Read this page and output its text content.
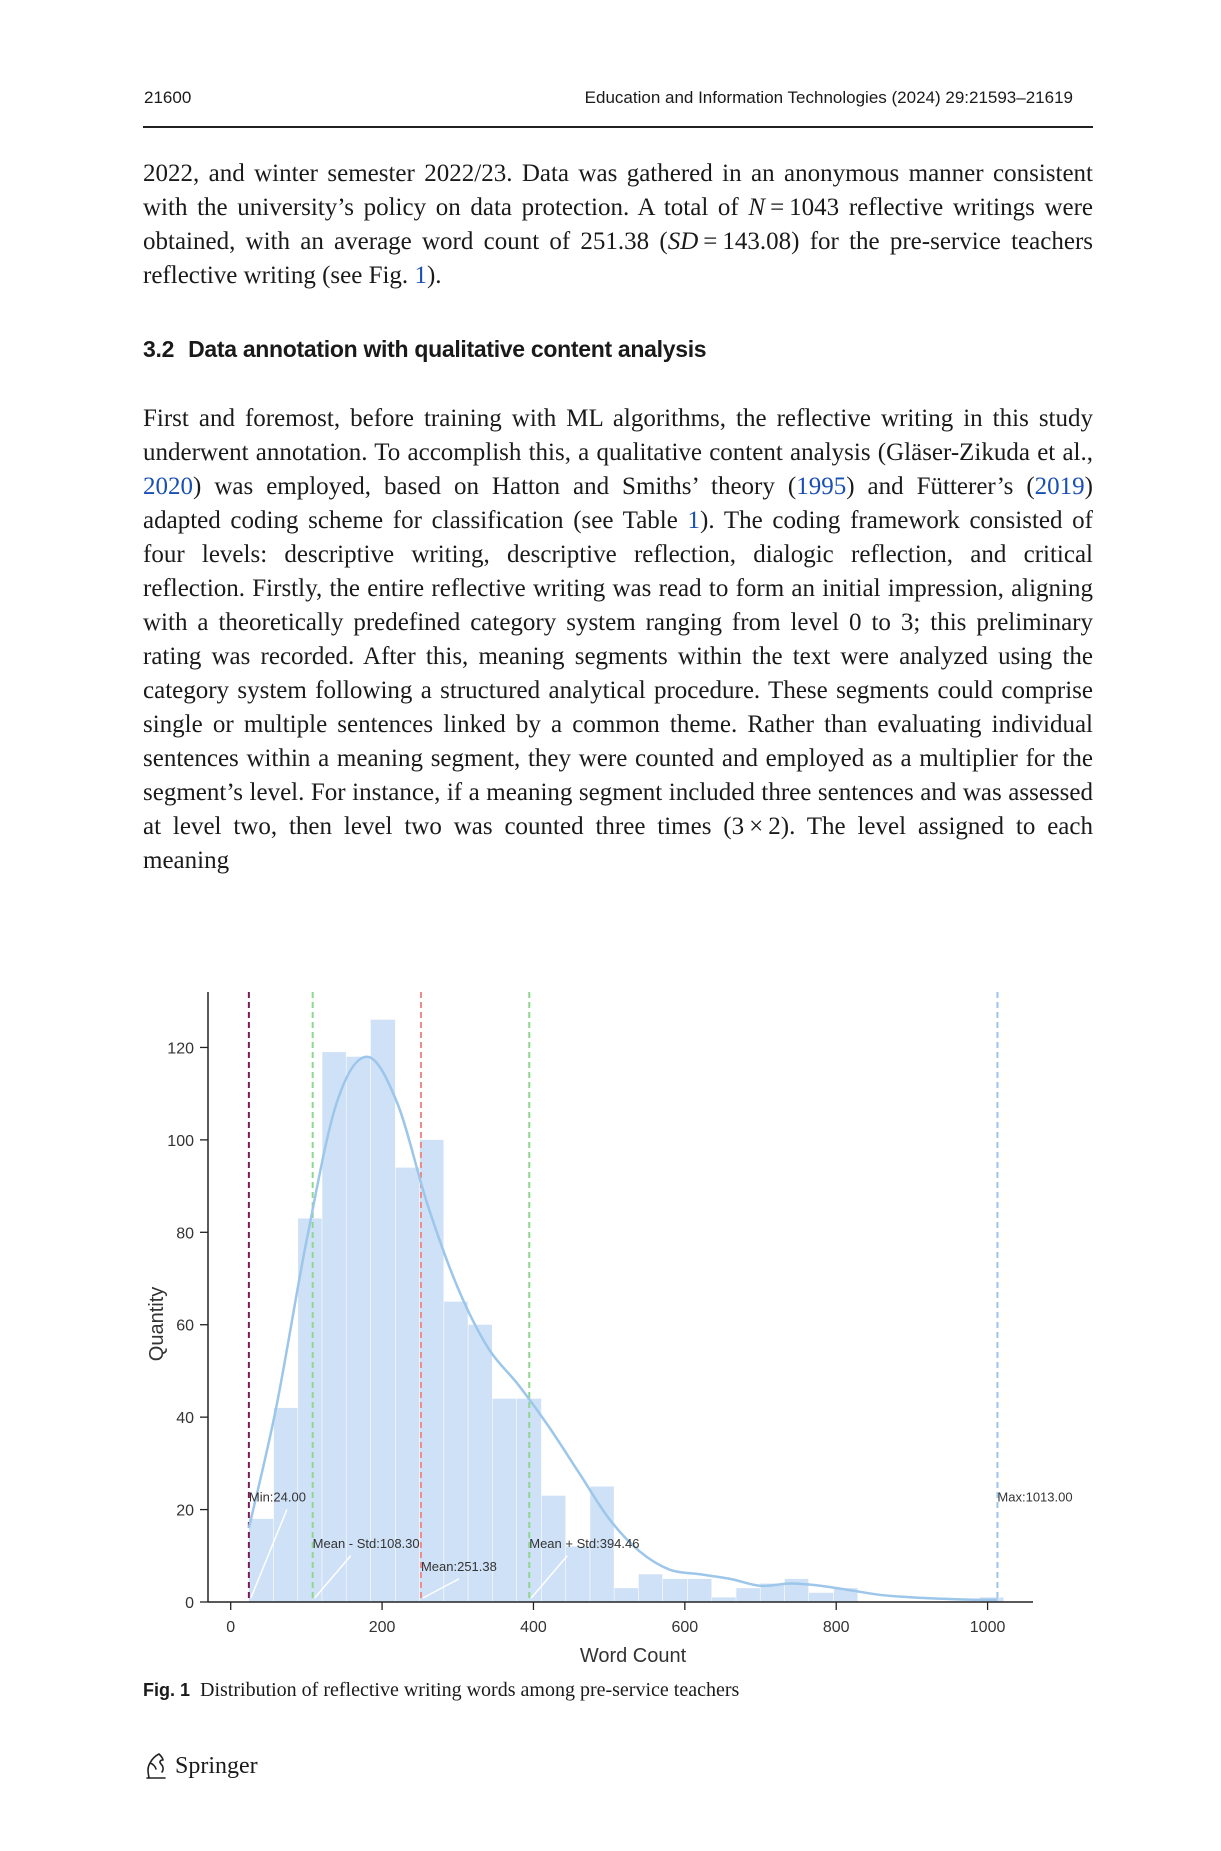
21600	Education and Information Technologies (2024) 29:21593–21619
2022, and winter semester 2022/23. Data was gathered in an anonymous manner consistent with the university’s policy on data protection. A total of N = 1043 reflective writings were obtained, with an average word count of 251.38 (SD = 143.08) for the pre-service teachers reflective writing (see Fig. 1).
3.2 Data annotation with qualitative content analysis
First and foremost, before training with ML algorithms, the reflective writing in this study underwent annotation. To accomplish this, a qualitative content analysis (Gläser-Zikuda et al., 2020) was employed, based on Hatton and Smiths’ theory (1995) and Fütterer’s (2019) adapted coding scheme for classification (see Table 1). The coding framework consisted of four levels: descriptive writing, descriptive reflection, dialogic reflection, and critical reflection. Firstly, the entire reflective writing was read to form an initial impression, aligning with a theoretically predefined category system ranging from level 0 to 3; this preliminary rating was recorded. After this, meaning segments within the text were analyzed using the category system following a structured analytical procedure. These segments could comprise single or multiple sentences linked by a common theme. Rather than evaluating individual sentences within a meaning segment, they were counted and employed as a multiplier for the segment’s level. For instance, if a meaning segment included three sentences and was assessed at level two, then level two was counted three times (3 × 2). The level assigned to each meaning
0
20
40
60
80
100
120
0	200	400	600	800	1000
Min:24.00
Mean - Std:108.30
Mean:251.38
Mean + Std:394.46
Max:1013.00
Word Count
Quantity
Fig. 1 Distribution of reflective writing words among pre-service teachers
Springer
